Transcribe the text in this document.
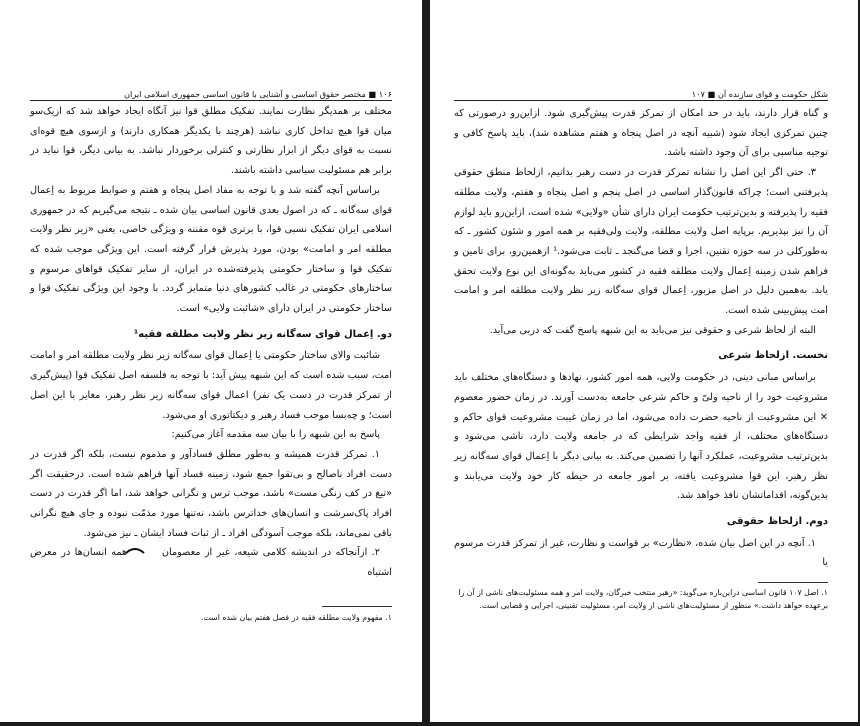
۱۰۶ ■ مختصر حقوق اساسی و آشنایی با قانون اساسی جمهوری اسلامی ایران

مختلف بر همدیگر نظارت نمایند. تفکیک مطلق قوا نیز آنگاه ایجاد خواهد شد که ازیک‌سو میان قوا هیچ تداخل کاری نباشد (هرچند با یکدیگر همکاری دارند) و ازسوی هیچ قوه‌ای نسبت به قوای دیگر از ابزار نظارتی و کنترلی برخوردار نباشد. به بیانی دیگر، قوا نباید در برابر هم مسئولیت سیاسی داشته باشند.

براساس آنچه گفته شد و با توجه به مفاد اصل پنجاه و هفتم و ضوابط مربوط به اِعمال قوای سه‌گانه ـ که در اصول بعدی قانون اساسی بیان شده ـ نتیجه می‌گیریم که در جمهوری اسلامی ایران تفکیک نسبی قوا، با برتری قوه مقننه و ویژگی خاصی، یعنی «زیر نظر ولایت مطلقه امر و امامت» بودن، مورد پذیرش قرار گرفته است. این ویژگی موجب شده که تفکیک قوا و ساختار حکومتی پذیرفته‌شده در ایران، از سایر تفکیک قواهای مرسوم و ساختارهای حکومتی در غالب کشورهای دنیا متمایز گردد. با وجود این ویژگی تفکیک قوا و ساختار حکومتی در ایران دارای «شائبت ولایی» است.

دو. اِعمال قوای سه‌گانه زیر نظر ولایت مطلقه فقیه¹

شائبت والای ساختار حکومتی یا اِعمال قوای سه‌گانه زیر نظر ولایت مطلقه امر و امامت امت، سبب شده است که این شبهه پیش آید: با توجه به فلسفه اصل تفکیک قوا (پیش‌گیری از تمرکز قدرت در دست یک نفر) اعمال قوای سه‌گانه زیر نظر رهبر، مغایر با این اصل است؛ و چه‌بسا موجب فساد رهبر و دیکتاتوری او می‌شود.

پاسخ به این شبهه را با بیان سه مقدمه آغاز می‌کنیم:

۱. تمرکز قدرت همیشه و به‌طور مطلق فسادآور و مذموم نیست، بلکه اگر قدرت در دست افراد ناصالح و بی‌تقوا جمع شود، زمینه فساد آنها فراهم شده است. درحقیقت اگر «تیغ در کف زنگی مست» باشد، موجب ترس و نگرانی خواهد شد، اما اگر قدرت در دست افراد پاک‌سرشت و انسان‌های خداترس باشد، نه‌تنها مورد مذمّت نبوده و جای هیچ نگرانی باقی نمی‌ماند، بلکه موجب آسودگی افراد ـ از ثبات فساد ایشان ـ نیز می‌شود.

۲. ازآنجاکه در اندیشه کلامی شیعه، غیر از معصومان  همه انسان‌ها در معرض اشتباه

۱. مفهوم ولایت مطلقه فقیه در فصل هفتم بیان شده است.
شکل حکومت و قوای سازنده آن ■ ۱۰۷

و گناه قرار دارند، باید در حد امکان از تمرکز قدرت پیش‌گیری شود. ازاین‌رو درصورتی که چنین تمرکزی ایجاد شود (شبیه آنچه در اصل پنجاه و هفتم مشاهده شد)، باید پاسخ کافی و توجیه مناسبی برای آن وجود داشته باشد.

۳. حتی اگر این اصل را نشانه تمرکز قدرت در دست رهبر بدانیم، ازلحاظ منطق حقوقی پذیرفتنی است؛ چراکه قانون‌گذار اساسی در اصل پنجم و اصل پنجاه و هفتم، ولایت مطلقه فقیه را پذیرفته و بدین‌ترتیب حکومت ایران دارای شأن «ولایی» شده است، ازاین‌رو باید لوازم آن را نیز بپذیریم. برپایه اصل ولایت مطلقه، ولایت ولی‌فقیه بر همه امور و شئون کشور ـ که به‌طورکلی در سه حوزه تقنین، اجرا و قضا می‌گنجد ـ ثابت می‌شود.¹ ازهمین‌رو، برای تامین و فراهم شدن زمینه اِعمال ولایت مطلقه فقیه در کشور می‌باید به‌گونه‌ای این نوع ولایت تحقق یابد. به‌همین دلیل در اصل مزبور، اِعمال قوای سه‌گانه زیر نظر ولایت مطلقه امر و امامت امت پیش‌بینی شده است.

البته از لحاظ شرعی و حقوقی نیز می‌باید به این شبهه پاسخ گفت که دربی می‌آید.

نخست. ازلحاظ شرعی

براساس مبانی دینی، در حکومت ولایی، همه امور کشور، نهادها و دستگاه‌های مختلف باید مشروعیت خود را از ناحیه ولیّ و حاکم شرعی جامعه به‌دست آورند. در زمان حضور معصوم ✕ این مشروعیت از ناحیه حضرت داده می‌شود، اما در زمان غیبت مشروعیت قوای حاکم و دستگاه‌های مختلف، از فقیه واجد شرایطی که در جامعه ولایت دارد، ناشی می‌شود و بدین‌ترتیب مشروعیت، عملکرد آنها را تضمین می‌کند. به بیانی دیگر با اِعمال قوای سه‌گانه زیر نظر رهبر، این قوا مشروعیت یافته، بر امور جامعه در حیطه کار خود ولایت می‌یابند و بدین‌گونه، اقداماتشان نافذ خواهد شد.

دوم. ازلحاظ حقوقی

۱. آنچه در این اصل بیان شده، «نظارت» بر قواست و نظارت، غیر از تمرکز قدرت مرسوم یا

۱. اصل ۱۰۷ قانون اساسی دراین‌باره می‌گوید: «رهبر منتخب خبرگان، ولایت امر و همه مسئولیت‌های ناشی از آن را برعهده خواهد داشت.» منظور از مسئولیت‌های ناشی از ولایت امر، مسئولیت تقنینی، اجرایی و قضایی است.
